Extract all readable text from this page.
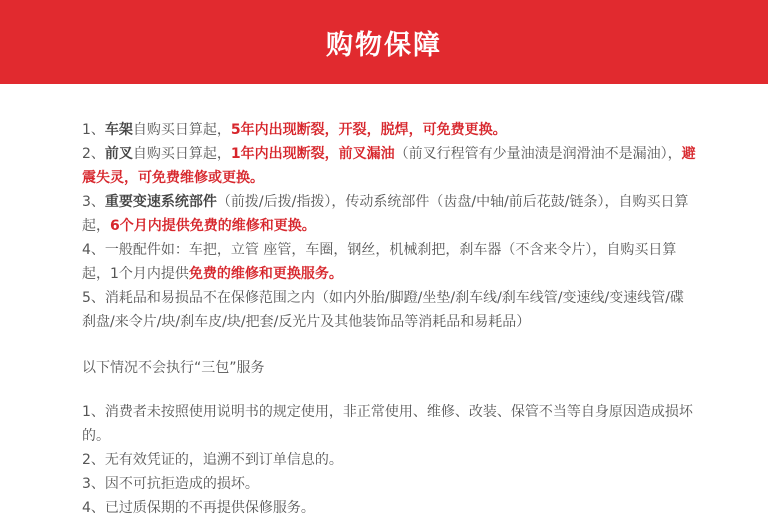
购物保障

1、车架自购买日算起，5年内出现断裂，开裂，脱焊，可免费更换。

2、前叉自购买日算起，1年内出现断裂，前叉漏油（前叉行程管有少量油渍是润滑油不是漏油），避震失灵，可免费维修或更换。

3、重要变速系统部件（前拨/后拨/指拨），传动系统部件（齿盘/中轴/前后花鼓/链条），自购买日算起，6个月内提供免费的维修和更换。

4、一般配件如：车把，立管 座管，车圈，钢丝，机械刹把，刹车器（不含来令片），自购买日算起，1个月内提供免费的维修和更换服务。

5、消耗品和易损品不在保修范围之内（如内外胎/脚蹬/坐垫/刹车线/刹车线管/变速线/变速线管/碟刹盘/来令片/块/刹车皮/块/把套/反光片及其他装饰品等消耗品和易耗品）

以下情况不会执行“三包”服务

1、消费者未按照使用说明书的规定使用，非正常使用、维修、改装、保管不当等自身原因造成损坏的。

2、无有效凭证的，追溯不到订单信息的。

3、因不可抗拒造成的损坏。

4、已过质保期的不再提供保修服务。
